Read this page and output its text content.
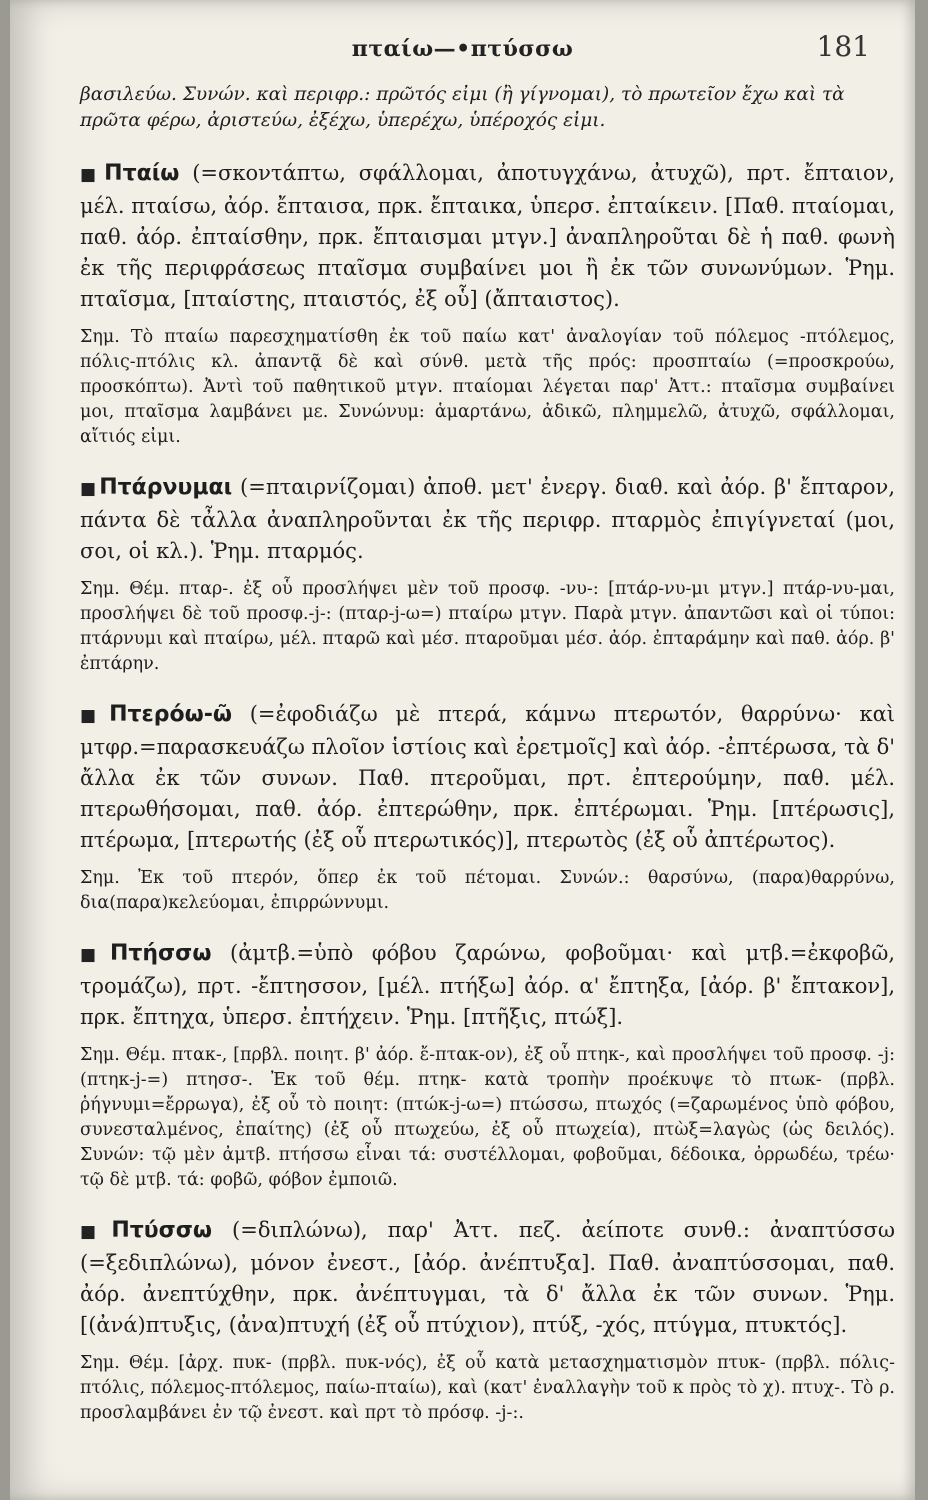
πταίω—•πτύσσω	181

βασιλεύω. Συνών. καὶ περιφρ.: πρῶτός εἰμι (ἢ γίγνομαι), τὸ πρωτεῖον ἔχω καὶ τὰ πρῶτα φέρω, ἀριστεύω, ἐξέχω, ὑπερέχω, ὑπέροχός εἰμι.

■ Πταίω (=σκοντάπτω, σφάλλομαι, ἀποτυγχάνω, ἀτυχῶ), πρτ. ἔπταιον, μέλ. πταίσω, ἀόρ. ἔπταισα, πρκ. ἔπταικα, ὑπερσ. ἐπταίκειν. [Παθ. πταίομαι, παθ. ἀόρ. ἐπταίσθην, πρκ. ἔπταισμαι μτγν.] ἀναπληροῦται δὲ ἡ παθ. φωνὴ ἐκ τῆς περιφράσεως πταῖσμα συμβαίνει μοι ἢ ἐκ τῶν συνωνύμων. Ῥημ. πταῖσμα, [πταίστης, πταιστός, ἐξ οὗ] (ἄπταιστος).

Σημ. Τὸ πταίω παρεσχηματίσθη ἐκ τοῦ παίω κατ' ἀναλογίαν τοῦ πόλεμος -πτόλεμος, πόλις-πτόλις κλ. ἀπαντᾷ δὲ καὶ σύνθ. μετὰ τῆς πρός: προσπταίω (=προσκρούω, προσκόπτω). Ἀντὶ τοῦ παθητικοῦ μτγν. πταίομαι λέγεται παρ' Ἀττ.: πταῖσμα συμβαίνει μοι, πταῖσμα λαμβάνει με. Συνώνυμ: ἁμαρτάνω, ἀδικῶ, πλημμελῶ, ἀτυχῶ, σφάλλομαι, αἴτιός εἰμι.

■ Πτάρνυμαι (=πταιρνίζομαι) ἀποθ. μετ' ἐνεργ. διαθ. καὶ ἀόρ. β' ἔπταρον, πάντα δὲ τἆλλα ἀναπληροῦνται ἐκ τῆς περιφρ. πταρμὸς ἐπιγίγνεταί (μοι, σοι, οἱ κλ.). Ῥημ. πταρμός.

Σημ. Θέμ. πταρ-. ἐξ οὗ προσλήψει μὲν τοῦ προσφ. -νυ-: [πτάρ-νυ-μι μτγν.] πτάρ-νυ-μαι, προσλήψει δὲ τοῦ προσφ.-j-: (πταρ-j-ω=) πταίρω μτγν. Παρὰ μτγν. ἀπαντῶσι καὶ οἱ τύποι: πτάρνυμι καὶ πταίρω, μέλ. πταρῶ καὶ μέσ. πταροῦμαι μέσ. ἀόρ. ἐπταράμην καὶ παθ. ἀόρ. β' ἐπτάρην.

■ Πτερόω-ῶ (=ἐφοδιάζω μὲ πτερά, κάμνω πτερωτόν, θαρρύνω· καὶ μτφρ.=παρασκευάζω πλοῖον ἱστίοις καὶ ἐρετμοῖς] καὶ ἀόρ. -ἐπτέρωσα, τὰ δ' ἄλλα ἐκ τῶν συνων. Παθ. πτεροῦμαι, πρτ. ἐπτερούμην, παθ. μέλ. πτερωθήσομαι, παθ. ἀόρ. ἐπτερώθην, πρκ. ἐπτέρωμαι. Ῥημ. [πτέρωσις], πτέρωμα, [πτερωτής (ἐξ οὗ πτερωτικός)], πτερωτὸς (ἐξ οὗ ἀπτέρωτος).

Σημ. Ἐκ τοῦ πτερόν, ὅπερ ἐκ τοῦ πέτομαι. Συνών.: θαρσύνω, (παρα)θαρρύνω, δια(παρα)κελεύομαι, ἐπιρρώννυμι.

■ Πτήσσω (ἀμτβ.=ὑπὸ φόβου ζαρώνω, φοβοῦμαι· καὶ μτβ.=ἐκφοβῶ, τρομάζω), πρτ. -ἔπτησσον, [μέλ. πτήξω] ἀόρ. α' ἔπτηξα, [ἀόρ. β' ἔπτακον], πρκ. ἔπτηχα, ὑπερσ. ἐπτήχειν. Ῥημ. [πτῆξις, πτώξ].

Σημ. Θέμ. πτακ-, [πρβλ. ποιητ. β' ἀόρ. ἔ-πτακ-ον), ἐξ οὗ πτηκ-, καὶ προσλήψει τοῦ προσφ. -j: (πτηκ-j-=) πτησσ-. Ἐκ τοῦ θέμ. πτηκ- κατὰ τροπὴν προέκυψε τὸ πτωκ- (πρβλ. ῥήγνυμι=ἔρρωγα), ἐξ οὗ τὸ ποιητ: (πτώκ-j-ω=) πτώσσω, πτωχός (=ζαρωμένος ὑπὸ φόβου, συνεσταλμένος, ἐπαίτης) (ἐξ οὗ πτωχεύω, ἐξ οὗ πτωχεία), πτὼξ=λαγὼς (ὡς δειλός). Συνών: τῷ μὲν ἀμτβ. πτήσσω εἶναι τά: συστέλλομαι, φοβοῦμαι, δέδοικα, ὀρρωδέω, τρέω· τῷ δὲ μτβ. τά: φοβῶ, φόβον ἐμποιῶ.

■ Πτύσσω (=διπλώνω), παρ' Ἀττ. πεζ. ἀείποτε συνθ.: ἀναπτύσσω (=ξεδιπλώνω), μόνον ἐνεστ., [ἀόρ. ἀνέπτυξα]. Παθ. ἀναπτύσσομαι, παθ. ἀόρ. ἀνεπτύχθην, πρκ. ἀνέπτυγμαι, τὰ δ' ἄλλα ἐκ τῶν συνων. Ῥημ. [(ἀνά)πτυξις, (ἀνα)πτυχή (ἐξ οὗ πτύχιον), πτύξ, -χός, πτύγμα, πτυκτός].

Σημ. Θέμ. [ἀρχ. πυκ- (πρβλ. πυκ-νός), ἐξ οὗ κατὰ μετασχηματισμὸν πτυκ- (πρβλ. πόλις-πτόλις, πόλεμος-πτόλεμος, παίω-πταίω), καὶ (κατ' ἐναλλαγὴν τοῦ κ πρὸς τὸ χ). πτυχ-. Τὸ ρ. προσλαμβάνει ἐν τῷ ἐνεστ. καὶ πρτ τὸ πρόσφ. -j-:.
